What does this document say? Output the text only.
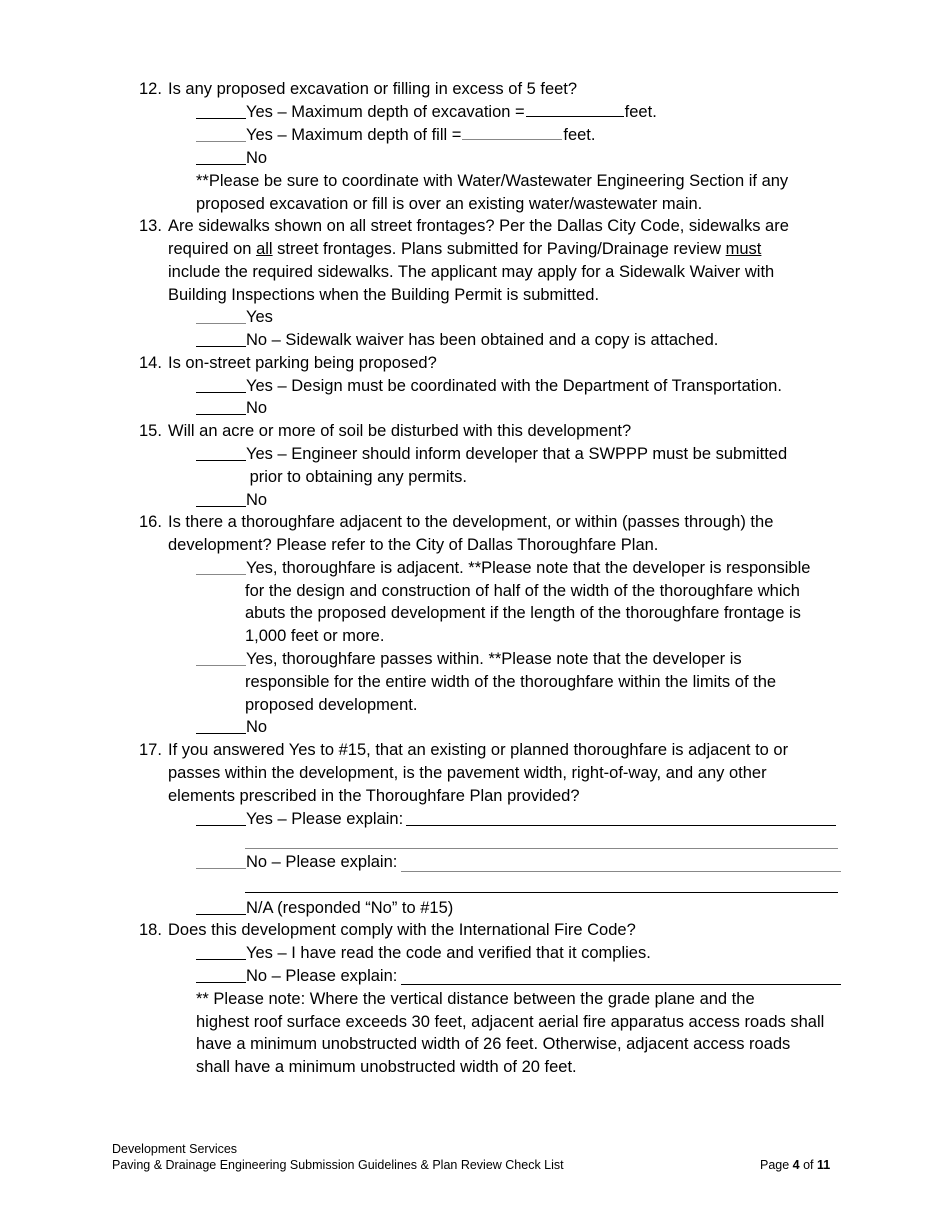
12. Is any proposed excavation or filling in excess of 5 feet?
Yes – Maximum depth of excavation =	feet.
Yes – Maximum depth of fill =	feet.
No
**Please be sure to coordinate with Water/Wastewater Engineering Section if any
proposed excavation or fill is over an existing water/wastewater main.
13. Are sidewalks shown on all street frontages? Per the Dallas City Code, sidewalks are
required on all street frontages. Plans submitted for Paving/Drainage review must
include the required sidewalks. The applicant may apply for a Sidewalk Waiver with
Building Inspections when the Building Permit is submitted.
Yes
No – Sidewalk waiver has been obtained and a copy is attached.
14. Is on-street parking being proposed?
Yes – Design must be coordinated with the Department of Transportation.
No
15. Will an acre or more of soil be disturbed with this development?
Yes – Engineer should inform developer that a SWPPP must be submitted
prior to obtaining any permits.
No
16. Is there a thoroughfare adjacent to the development, or within (passes through) the
development? Please refer to the City of Dallas Thoroughfare Plan.
Yes, thoroughfare is adjacent. **Please note that the developer is responsible
for the design and construction of half of the width of the thoroughfare which
abuts the proposed development if the length of the thoroughfare frontage is
1,000 feet or more.
Yes, thoroughfare passes within. **Please note that the developer is
responsible for the entire width of the thoroughfare within the limits of the
proposed development.
No
17. If you answered Yes to #15, that an existing or planned thoroughfare is adjacent to or
passes within the development, is the pavement width, right-of-way, and any other
elements prescribed in the Thoroughfare Plan provided?
Yes – Please explain:
No – Please explain:
N/A (responded “No” to #15)
18. Does this development comply with the International Fire Code?
Yes – I have read the code and verified that it complies.
No – Please explain:
** Please note: Where the vertical distance between the grade plane and the
highest roof surface exceeds 30 feet, adjacent aerial fire apparatus access roads shall
have a minimum unobstructed width of 26 feet. Otherwise, adjacent access roads
shall have a minimum unobstructed width of 20 feet.
Development Services
Paving & Drainage Engineering Submission Guidelines & Plan Review Check List	Page 4 of 11
